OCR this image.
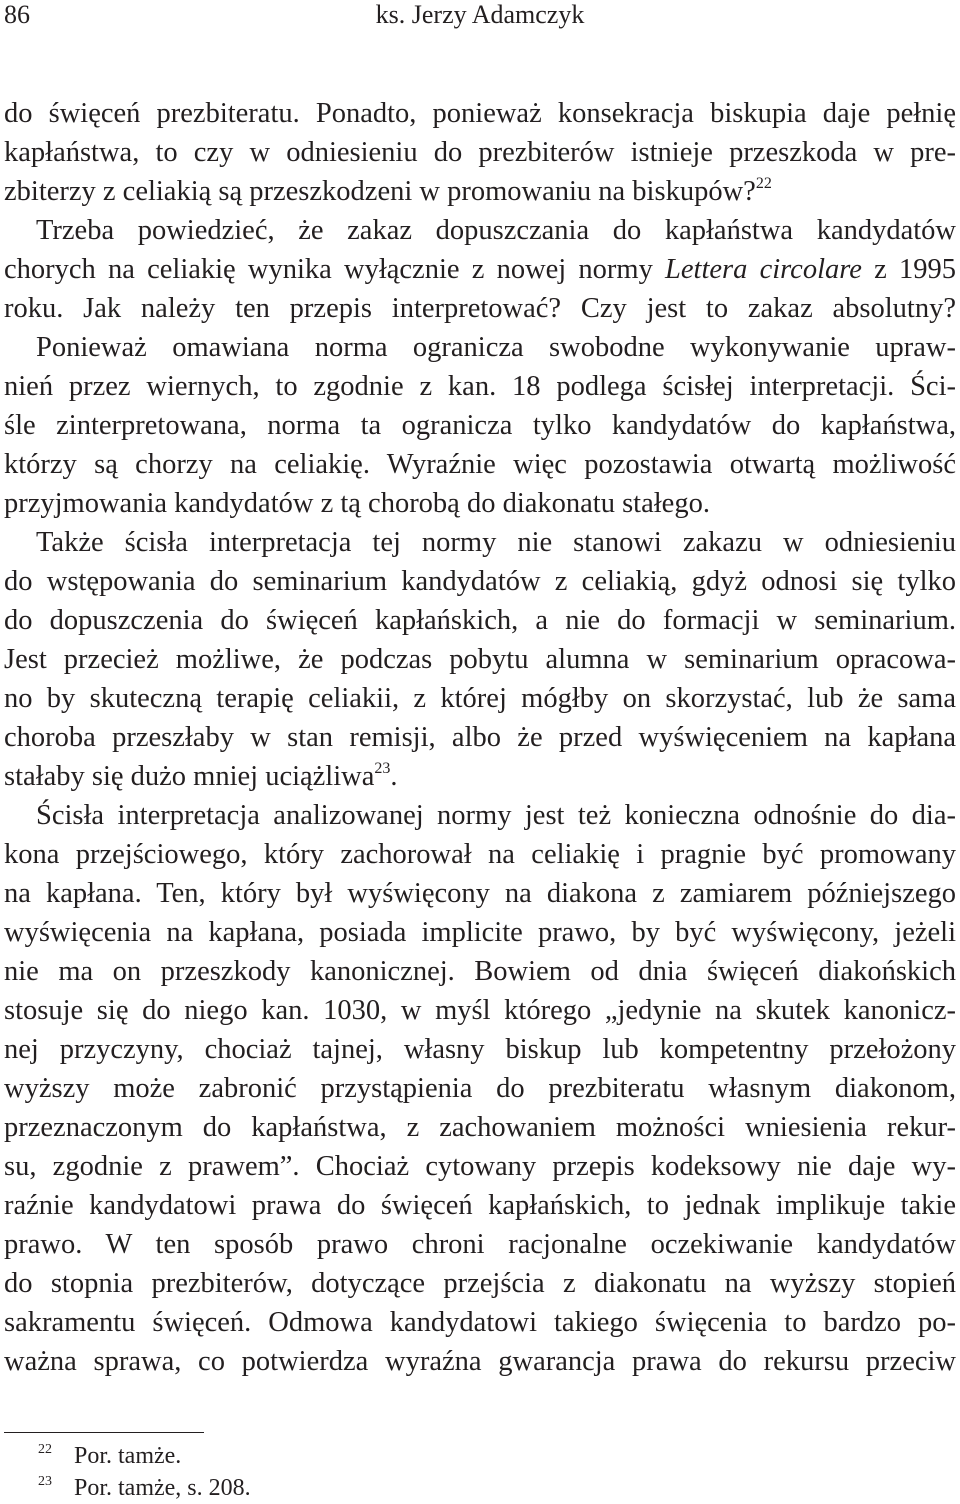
86	ks. Jerzy Adamczyk
do święceń prezbiteratu. Ponadto, ponieważ konsekracja biskupia daje pełnię
kapłaństwa, to czy w odniesieniu do prezbiterów istnieje przeszkoda w pre-
zbiterzy z celiakią są przeszkodzeni w promowaniu na biskupów?$^{22}$
Trzeba powiedzieć, że zakaz dopuszczania do kapłaństwa kandydatów
chorych na celiakię wynika wyłącznie z nowej normy Lettera circolare z 1995
roku. Jak należy ten przepis interpretować? Czy jest to zakaz absolutny?
Ponieważ omawiana norma ogranicza swobodne wykonywanie upraw-
nień przez wiernych, to zgodnie z kan. 18 podlega ścisłej interpretacji. Ści-
śle zinterpretowana, norma ta ogranicza tylko kandydatów do kapłaństwa,
którzy są chorzy na celiakię. Wyraźnie więc pozostawia otwartą możliwość
przyjmowania kandydatów z tą chorobą do diakonatu stałego.
Także ścisła interpretacja tej normy nie stanowi zakazu w odniesieniu
do wstępowania do seminarium kandydatów z celiakią, gdyż odnosi się tylko
do dopuszczenia do święceń kapłańskich, a nie do formacji w seminarium.
Jest przecież możliwe, że podczas pobytu alumna w seminarium opracowa-
no by skuteczną terapię celiakii, z której mógłby on skorzystać, lub że sama
choroba przeszłaby w stan remisji, albo że przed wyświęceniem na kapłana
stałaby się dużo mniej uciążliwa$^{23}$.
Ścisła interpretacja analizowanej normy jest też konieczna odnośnie do dia-
kona przejściowego, który zachorował na celiakię i pragnie być promowany
na kapłana. Ten, który był wyświęcony na diakona z zamiarem późniejszego
wyświęcenia na kapłana, posiada implicite prawo, by być wyświęcony, jeżeli
nie ma on przeszkody kanonicznej. Bowiem od dnia święceń diakońskich
stosuje się do niego kan. 1030, w myśl którego „jedynie na skutek kanonicz-
nej przyczyny, chociaż tajnej, własny biskup lub kompetentny przełożony
wyższy może zabronić przystąpienia do prezbiteratu własnym diakonom,
przeznaczonym do kapłaństwa, z zachowaniem możności wniesienia rekur-
su, zgodnie z prawem”. Chociaż cytowany przepis kodeksowy nie daje wy-
raźnie kandydatowi prawa do święceń kapłańskich, to jednak implikuje takie
prawo. W ten sposób prawo chroni racjonalne oczekiwanie kandydatów
do stopnia prezbiterów, dotyczące przejścia z diakonatu na wyższy stopień
sakramentu święceń. Odmowa kandydatowi takiego święcenia to bardzo po-
ważna sprawa, co potwierdza wyraźna gwarancja prawa do rekursu przeciw
22 Por. tamże.
23 Por. tamże, s. 208.
